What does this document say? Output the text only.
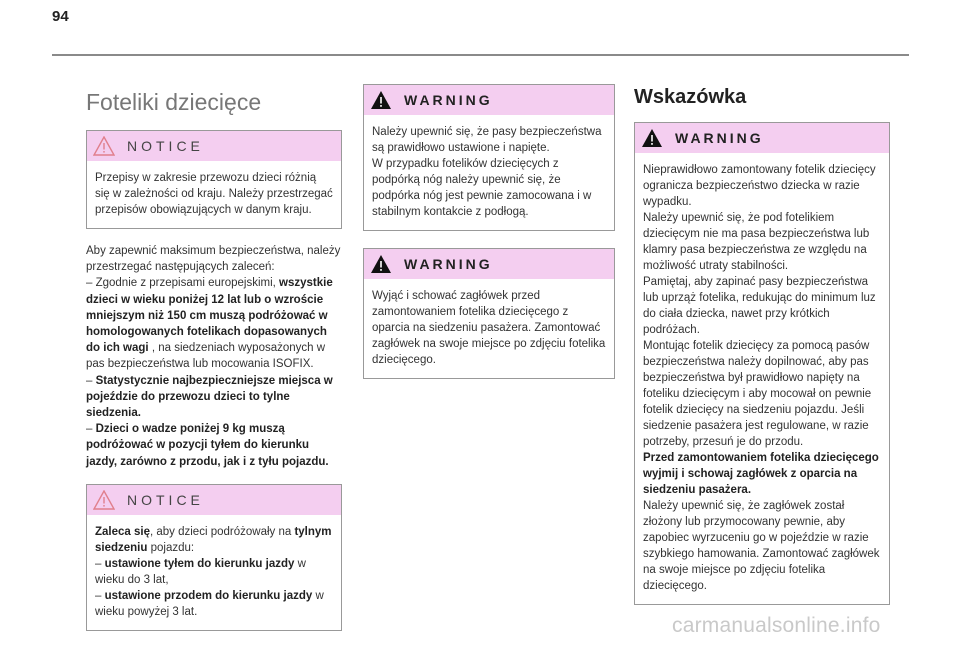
94
Foteliki dziecięce
NOTICE
Przepisy w zakresie przewozu dzieci różnią się w zależności od kraju. Należy przestrzegać przepisów obowiązujących w danym kraju.
Aby zapewnić maksimum bezpieczeństwa, należy przestrzegać następujących zaleceń:
– Zgodnie z przepisami europejskimi, wszystkie dzieci w wieku poniżej 12 lat lub o wzroście mniejszym niż 150 cm muszą podróżować w homologowanych fotelikach dopasowanych do ich wagi , na siedzeniach wyposażonych w pas bezpieczeństwa lub mocowania ISOFIX.
– Statystycznie najbezpieczniejsze miejsca w pojeździe do przewozu dzieci to tylne siedzenia.
– Dzieci o wadze poniżej 9 kg muszą podróżować w pozycji tyłem do kierunku jazdy, zarówno z przodu, jak i z tyłu pojazdu.
NOTICE
Zaleca się, aby dzieci podróżowały na tylnym siedzeniu pojazdu:
– ustawione tyłem do kierunku jazdy w wieku do 3 lat,
– ustawione przodem do kierunku jazdy w wieku powyżej 3 lat.
WARNING
Należy upewnić się, że pasy bezpieczeństwa są prawidłowo ustawione i napięte.
W przypadku fotelików dziecięcych z podpórką nóg należy upewnić się, że podpórka nóg jest pewnie zamocowana i w stabilnym kontakcie z podłogą.
WARNING
Wyjąć i schować zagłówek przed zamontowaniem fotelika dziecięcego z oparcia na siedzeniu pasażera. Zamontować zagłówek na swoje miejsce po zdjęciu fotelika dziecięcego.
Wskazówka
WARNING
Nieprawidłowo zamontowany fotelik dziecięcy ogranicza bezpieczeństwo dziecka w razie wypadku.
Należy upewnić się, że pod fotelikiem dziecięcym nie ma pasa bezpieczeństwa lub klamry pasa bezpieczeństwa ze względu na możliwość utraty stabilności.
Pamiętaj, aby zapinać pasy bezpieczeństwa lub uprząż fotelika, redukując do minimum luz do ciała dziecka, nawet przy krótkich podróżach.
Montując fotelik dziecięcy za pomocą pasów bezpieczeństwa należy dopilnować, aby pas bezpieczeństwa był prawidłowo napięty na foteliku dziecięcym i aby mocował on pewnie fotelik dziecięcy na siedzeniu pojazdu. Jeśli siedzenie pasażera jest regulowane, w razie potrzeby, przesuń je do przodu.
Przed zamontowaniem fotelika dziecięcego wyjmij i schowaj zagłówek z oparcia na siedzeniu pasażera.
Należy upewnić się, że zagłówek został złożony lub przymocowany pewnie, aby zapobiec wyrzuceniu go w pojeździe w razie szybkiego hamowania. Zamontować zagłówek na swoje miejsce po zdjęciu fotelika dziecięcego.
carmanualsonline.info
